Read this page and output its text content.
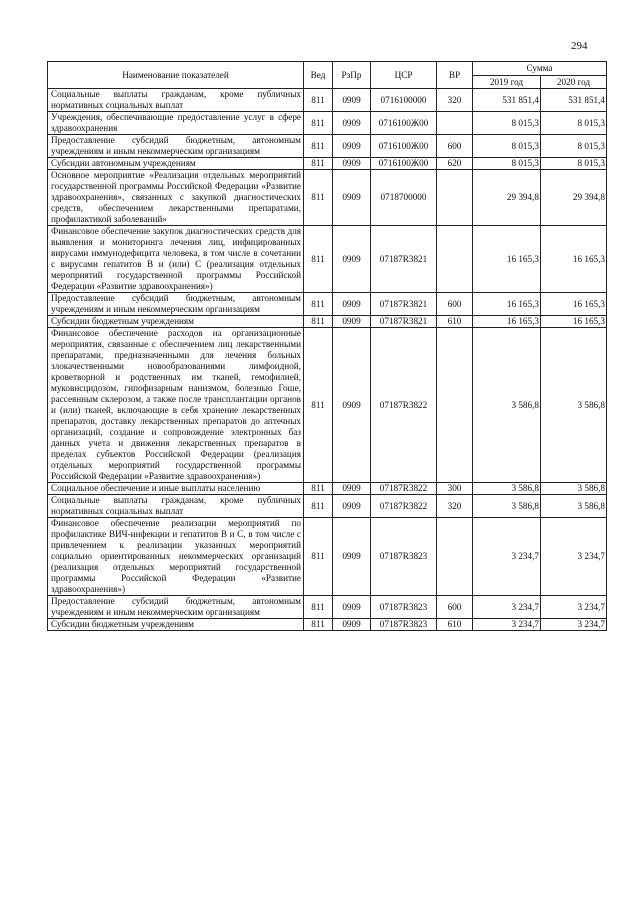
294
Наименование показателей	Вед	РзПр	ЦСР	ВР	Сумма	
					2019 год	2020 год
Социальные выплаты гражданам, кроме публичных нормативных социальных выплат	811	0909	0716100000	320	531 851,4	531 851,4
Учреждения, обеспечивающие предоставление услуг в сфере здравоохранения	811	0909	0716100Ж00		8 015,3	8 015,3
Предоставление субсидий бюджетным, автономным учреждениям и иным некоммерческим организациям	811	0909	0716100Ж00	600	8 015,3	8 015,3
Субсидии автономным учреждениям	811	0909	0716100Ж00	620	8 015,3	8 015,3
Основное мероприятие «Реализация отдельных мероприятий государственной программы Российской Федерации «Развитие здравоохранения», связанных с закупкой диагностических средств, обеспечением лекарственными препаратами, профилактикой заболеваний»	811	0909	0718700000		29 394,8	29 394,8
Финансовое обеспечение закупок диагностических средств для выявления и мониторинга лечения лиц, инфицированных вирусами иммунодефицита человека, в том числе в сочетании с вирусами гепатитов В и (или) С (реализация отдельных мероприятий государственной программы Российской Федерации «Развитие здравоохранения»)	811	0909	07187R3821		16 165,3	16 165,3
Предоставление субсидий бюджетным, автономным учреждениям и иным некоммерческим организациям	811	0909	07187R3821	600	16 165,3	16 165,3
Субсидии бюджетным учреждениям	811	0909	07187R3821	610	16 165,3	16 165,3
Финансовое обеспечение расходов на организационные мероприятия, связанные с обеспечением лиц лекарственными препаратами, предназначенными для лечения больных злокачественными новообразованиями лимфоидной, кроветворной и родственных им тканей, гемофилией, муковисцидозом, гипофизарным нанизмом, болезнью Гоше, рассеянным склерозом, а также после трансплантации органов и (или) тканей, включающие в себя хранение лекарственных препаратов, доставку лекарственных препаратов до аптечных организаций, создание и сопровождение электронных баз данных учета и движения лекарственных препаратов в пределах субъектов Российской Федерации (реализация отдельных мероприятий государственной программы Российской Федерации «Развитие здравоохранения»)	811	0909	07187R3822		3 586,8	3 586,8
Социальное обеспечение и иные выплаты населению	811	0909	07187R3822	300	3 586,8	3 586,8
Социальные выплаты гражданам, кроме публичных нормативных социальных выплат	811	0909	07187R3822	320	3 586,8	3 586,8
Финансовое обеспечение реализации мероприятий по профилактике ВИЧ-инфекции и гепатитов В и С, в том числе с привлечением к реализации указанных мероприятий социально ориентированных некоммерческих организаций (реализация отдельных мероприятий государственной программы Российской Федерации «Развитие здравоохранения»)	811	0909	07187R3823		3 234,7	3 234,7
Предоставление субсидий бюджетным, автономным учреждениям и иным некоммерческим организациям	811	0909	07187R3823	600	3 234,7	3 234,7
Субсидии бюджетным учреждениям	811	0909	07187R3823	610	3 234,7	3 234,7
